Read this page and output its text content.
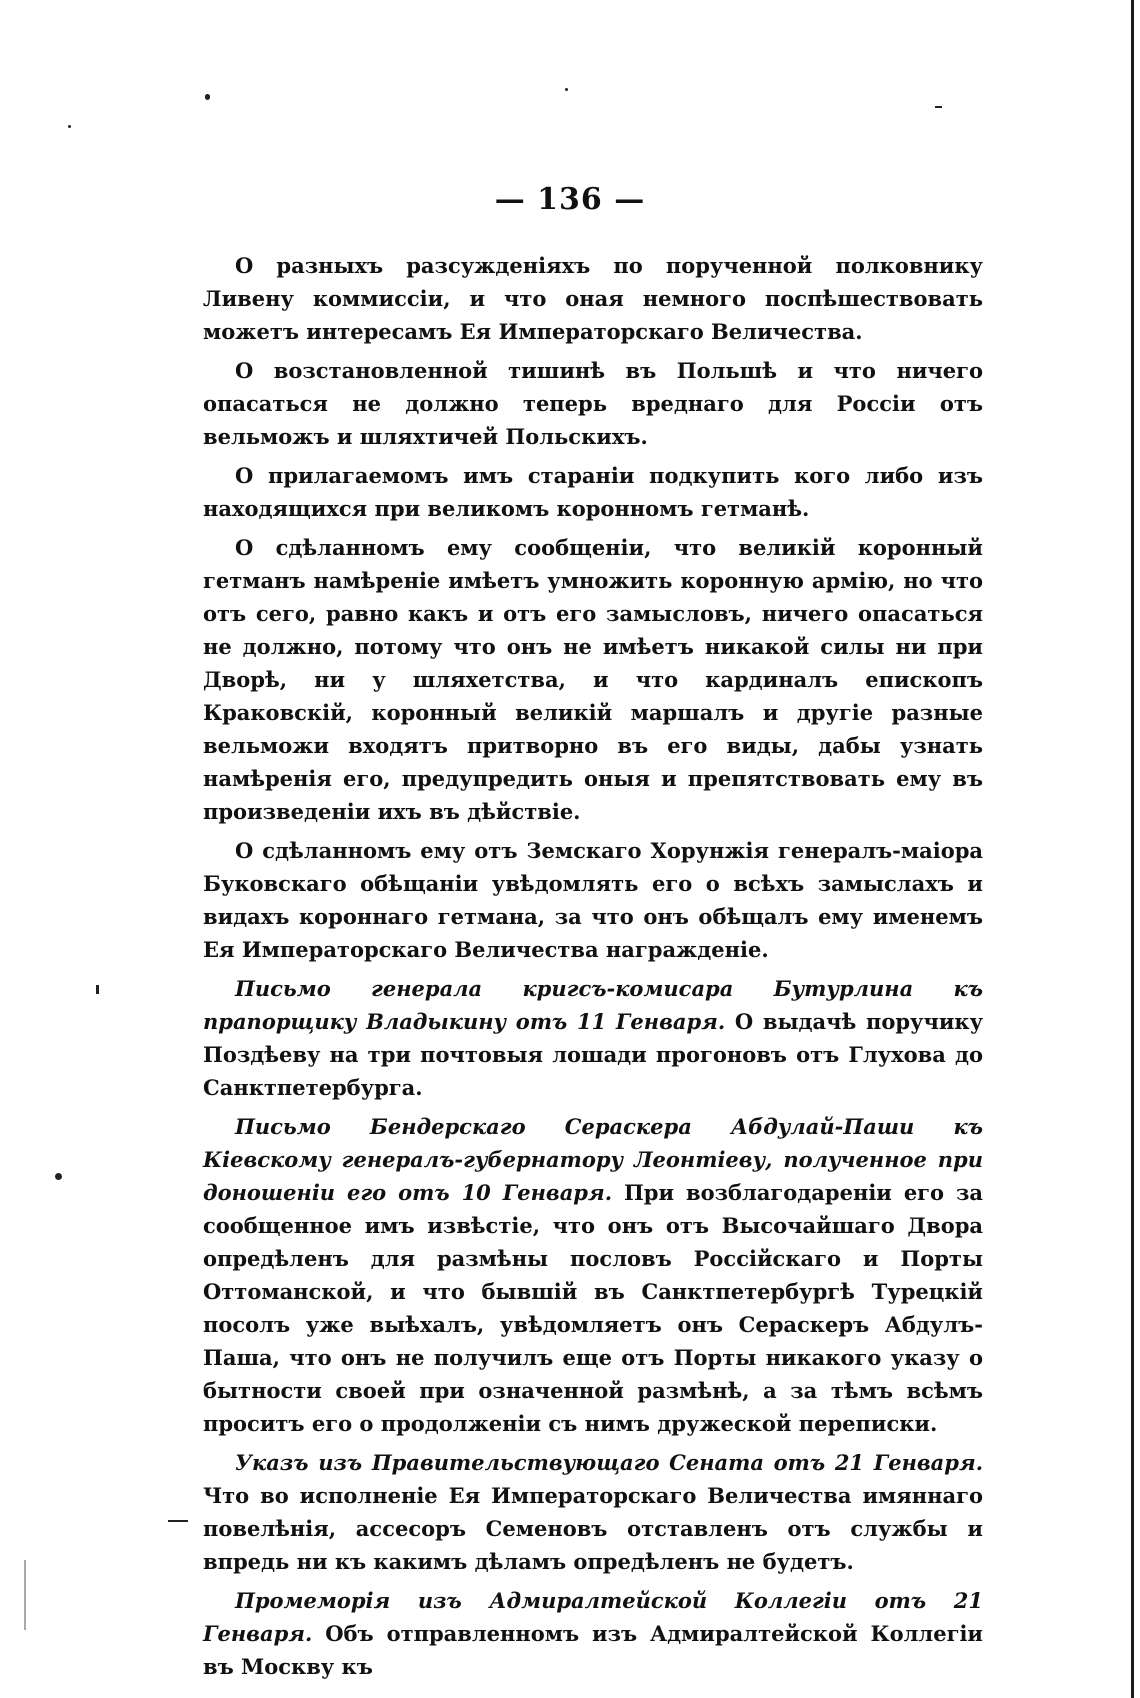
— 136 —

О разныхъ разсужденіяхъ по порученной полковнику Ливену коммиссіи, и что оная немного поспѣшествовать можетъ интересамъ Ея Императорскаго Величества.

О возстановленной тишинѣ въ Польшѣ и что ничего опасаться не должно теперь вреднаго для Россіи отъ вельможъ и шляхтичей Польскихъ.

О прилагаемомъ имъ стараніи подкупить кого либо изъ находящихся при великомъ коронномъ гетманѣ.

О сдѣланномъ ему сообщеніи, что великій коронный гетманъ намѣреніе имѣетъ умножить коронную армію, но что отъ сего, равно какъ и отъ его замысловъ, ничего опасаться не должно, потому что онъ не имѣетъ никакой силы ни при Дворѣ, ни у шляхетства, и что кардиналъ епископъ Краковскій, коронный великій маршалъ и другіе разные вельможи входятъ притворно въ его виды, дабы узнать намѣренія его, предупредить оныя и препятствовать ему въ произведеніи ихъ въ дѣйствіе.

О сдѣланномъ ему отъ Земскаго Хорунжія генералъ-маіора Буковскаго обѣщаніи увѣдомлять его о всѣхъ замыслахъ и видахъ короннаго гетмана, за что онъ обѣщалъ ему именемъ Ея Императорскаго Величества награжденіе.

Письмо генерала кригсъ-комисара Бутурлина къ прапорщику Владыкину отъ 11 Генваря. О выдачѣ поручику Поздѣеву на три почтовыя лошади прогоновъ отъ Глухова до Санктпетербурга.

Письмо Бендерскаго Сераскера Абдулай-Паши къ Кіевскому генералъ-губернатору Леонтіеву, полученное при доношеніи его отъ 10 Генваря. При возблагодареніи его за сообщенное имъ извѣстіе, что онъ отъ Высочайшаго Двора опредѣленъ для размѣны пословъ Россійскаго и Порты Оттоманской, и что бывшій въ Санктпетербургѣ Турецкій посолъ уже выѣхалъ, увѣдомляетъ онъ Сераскеръ Абдулъ-Паша, что онъ не получилъ еще отъ Порты никакого указу о бытности своей при означенной размѣнѣ, а за тѣмъ всѣмъ проситъ его о продолженіи съ нимъ дружеской переписки.

Указъ изъ Правительствующаго Сената отъ 21 Генваря. Что во исполненіе Ея Императорскаго Величества имяннаго повелѣнія, ассесоръ Семеновъ отставленъ отъ службы и впредь ни къ какимъ дѣламъ опредѣленъ не будетъ.

Промеморія изъ Адмиралтейской Коллегіи отъ 21 Генваря. Объ отправленномъ изъ Адмиралтейской Коллегіи въ Москву къ
